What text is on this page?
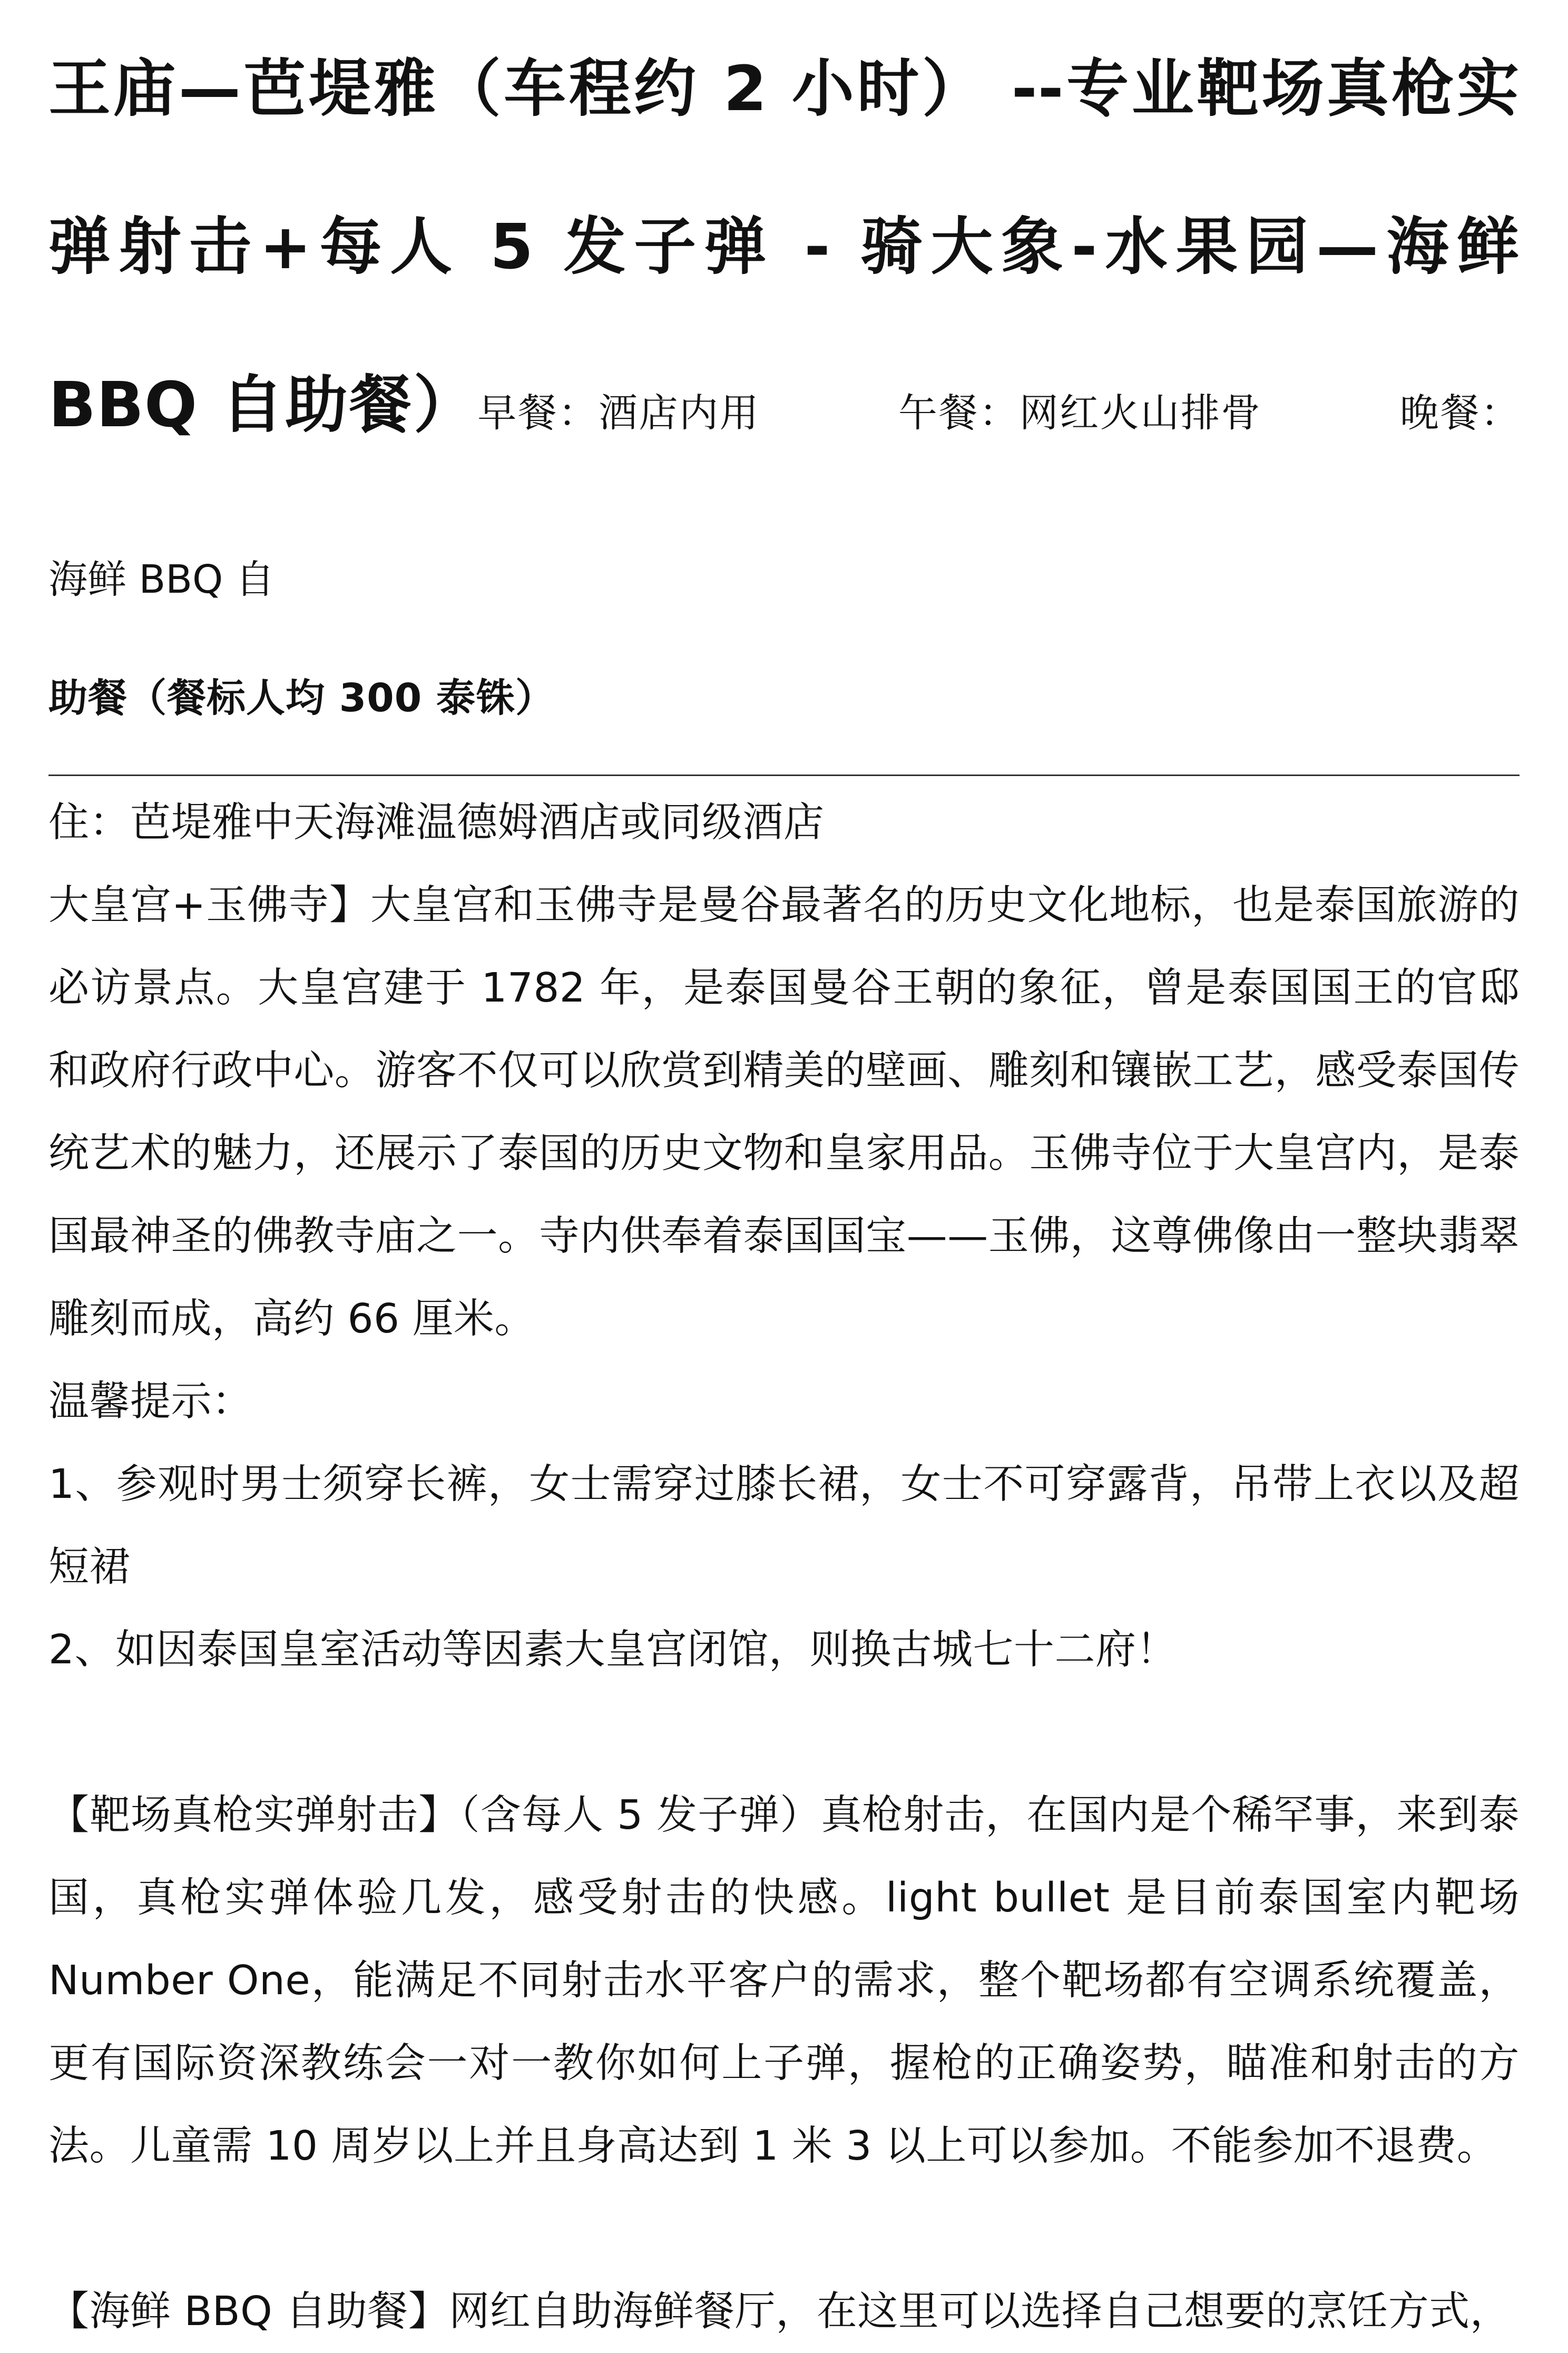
王庙—芭堤雅（车程约 2 小时） --专业靶场真枪实弹射击+每人 5 发子弹 - 骑大象-水果园—海鲜 BBQ 自助餐）早餐：酒店内用	午餐：网红火山排骨	晚餐：海鲜 BBQ 自

助餐（餐标人均 300 泰铢）

住：芭堤雅中天海滩温德姆酒店或同级酒店

大皇宫+玉佛寺】大皇宫和玉佛寺是曼谷最著名的历史文化地标，也是泰国旅游的必访景点。大皇宫建于 1782 年，是泰国曼谷王朝的象征，曾是泰国国王的官邸和政府行政中心。游客不仅可以欣赏到精美的壁画、雕刻和镶嵌工艺，感受泰国传统艺术的魅力，还展示了泰国的历史文物和皇家用品。玉佛寺位于大皇宫内，是泰国最神圣的佛教寺庙之一。寺内供奉着泰国国宝——玉佛，这尊佛像由一整块翡翠雕刻而成，高约 66 厘米。

温馨提示：

1、参观时男士须穿长裤，女士需穿过膝长裙，女士不可穿露背，吊带上衣以及超短裙

2、如因泰国皇室活动等因素大皇宫闭馆，则换古城七十二府！

【靶场真枪实弹射击】（含每人 5 发子弹）真枪射击，在国内是个稀罕事，来到泰国，真枪实弹体验几发，感受射击的快感。light bullet 是目前泰国室内靶场 Number One，能满足不同射击水平客户的需求，整个靶场都有空调系统覆盖，更有国际资深教练会一对一教你如何上子弹，握枪的正确姿势，瞄准和射击的方法。儿童需 10 周岁以上并且身高达到 1 米 3 以上可以参加。不能参加不退费。

【海鲜 BBQ 自助餐】网红自助海鲜餐厅，在这里可以选择自己想要的烹饪方式，
